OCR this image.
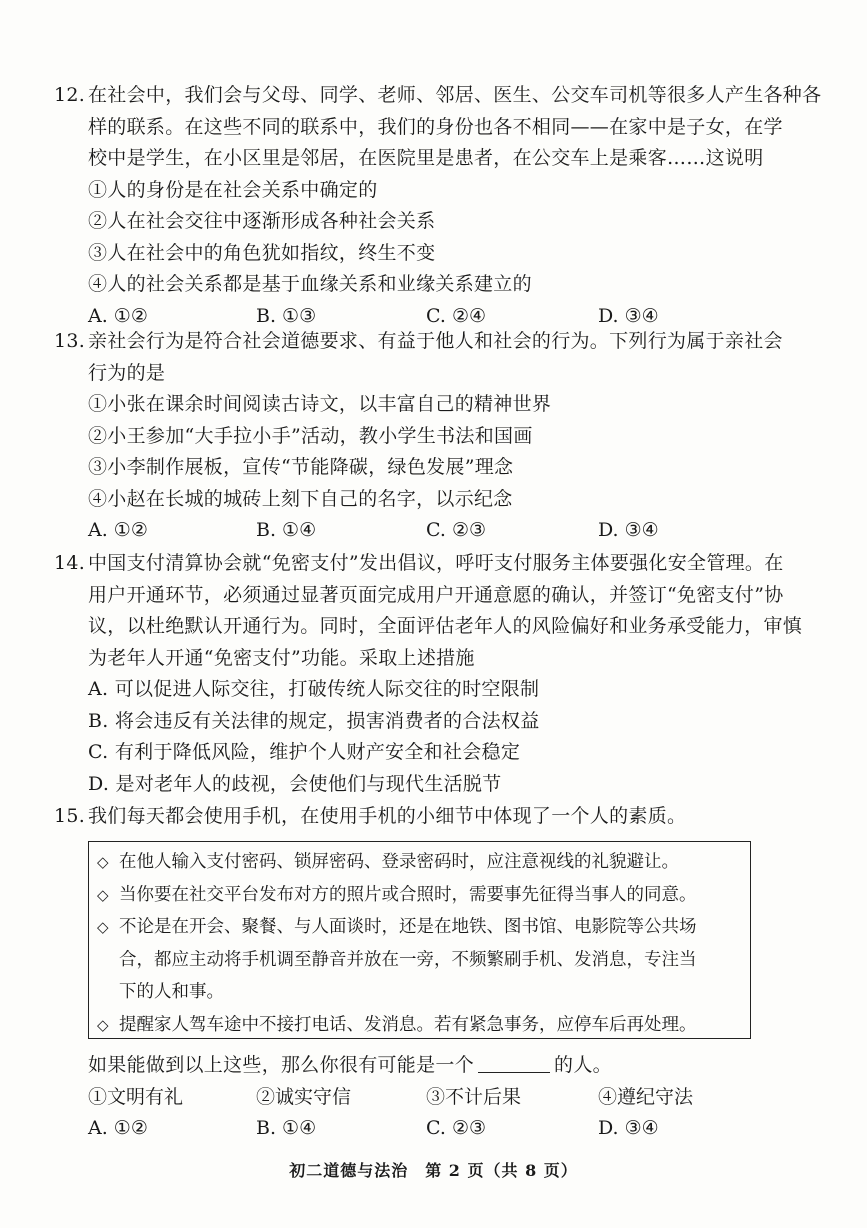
12. 在社会中，我们会与父母、同学、老师、邻居、医生、公交车司机等很多人产生各种各
样的联系。在这些不同的联系中，我们的身份也各不相同——在家中是子女，在学
校中是学生，在小区里是邻居，在医院里是患者，在公交车上是乘客……这说明
①人的身份是在社会关系中确定的
②人在社会交往中逐渐形成各种社会关系
③人在社会中的角色犹如指纹，终生不变
④人的社会关系都是基于血缘关系和业缘关系建立的
A. ①②	B. ①③	C. ②④	D. ③④
13. 亲社会行为是符合社会道德要求、有益于他人和社会的行为。下列行为属于亲社会
行为的是
①小张在课余时间阅读古诗文，以丰富自己的精神世界
②小王参加“大手拉小手”活动，教小学生书法和国画
③小李制作展板，宣传“节能降碳，绿色发展”理念
④小赵在长城的城砖上刻下自己的名字，以示纪念
A. ①②	B. ①④	C. ②③	D. ③④
14. 中国支付清算协会就“免密支付”发出倡议，呼吁支付服务主体要强化安全管理。在
用户开通环节，必须通过显著页面完成用户开通意愿的确认，并签订“免密支付”协
议，以杜绝默认开通行为。同时，全面评估老年人的风险偏好和业务承受能力，审慎
为老年人开通“免密支付”功能。采取上述措施
A. 可以促进人际交往，打破传统人际交往的时空限制
B. 将会违反有关法律的规定，损害消费者的合法权益
C. 有利于降低风险，维护个人财产安全和社会稳定
D. 是对老年人的歧视，会使他们与现代生活脱节
15. 我们每天都会使用手机，在使用手机的小细节中体现了一个人的素质。
◇ 在他人输入支付密码、锁屏密码、登录密码时，应注意视线的礼貌避让。
◇ 当你要在社交平台发布对方的照片或合照时，需要事先征得当事人的同意。
◇ 不论是在开会、聚餐、与人面谈时，还是在地铁、图书馆、电影院等公共场
合，都应主动将手机调至静音并放在一旁，不频繁刷手机、发消息，专注当
下的人和事。
◇ 提醒家人驾车途中不接打电话、发消息。若有紧急事务，应停车后再处理。
如果能做到以上这些，那么你很有可能是一个	的人。
①文明有礼	②诚实守信	③不计后果	④遵纪守法
A. ①②	B. ①④	C. ②③	D. ③④
初二道德与法治　第 2 页（共 8 页）
